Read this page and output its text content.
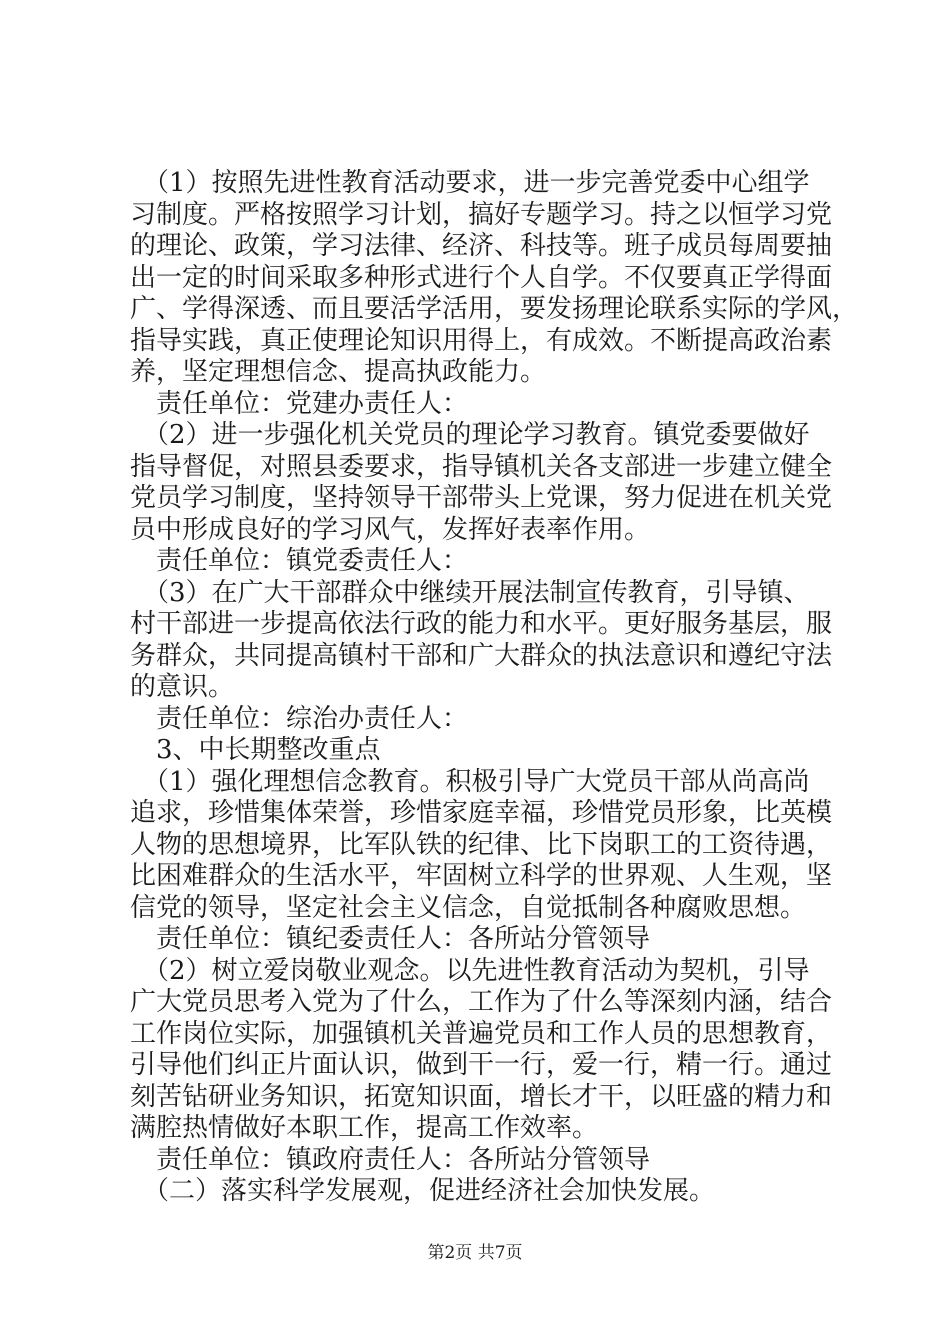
　（1）按照先进性教育活动要求，进一步完善党委中心组学
习制度。严格按照学习计划，搞好专题学习。持之以恒学习党
的理论、政策，学习法律、经济、科技等。班子成员每周要抽
出一定的时间采取多种形式进行个人自学。不仅要真正学得面
广、学得深透、而且要活学活用，要发扬理论联系实际的学风，
指导实践，真正使理论知识用得上，有成效。不断提高政治素
养，坚定理想信念、提高执政能力。
　责任单位：党建办责任人：
　（2）进一步强化机关党员的理论学习教育。镇党委要做好
指导督促，对照县委要求，指导镇机关各支部进一步建立健全
党员学习制度，坚持领导干部带头上党课，努力促进在机关党
员中形成良好的学习风气，发挥好表率作用。
　责任单位：镇党委责任人：
　（3）在广大干部群众中继续开展法制宣传教育，引导镇、
村干部进一步提高依法行政的能力和水平。更好服务基层，服
务群众，共同提高镇村干部和广大群众的执法意识和遵纪守法
的意识。
　责任单位：综治办责任人：
　3、中长期整改重点
　（1）强化理想信念教育。积极引导广大党员干部从尚高尚
追求，珍惜集体荣誉，珍惜家庭幸福，珍惜党员形象，比英模
人物的思想境界，比军队铁的纪律、比下岗职工的工资待遇，
比困难群众的生活水平，牢固树立科学的世界观、人生观，坚
信党的领导，坚定社会主义信念，自觉抵制各种腐败思想。
　责任单位：镇纪委责任人：各所站分管领导
　（2）树立爱岗敬业观念。以先进性教育活动为契机，引导
广大党员思考入党为了什么，工作为了什么等深刻内涵，结合
工作岗位实际，加强镇机关普遍党员和工作人员的思想教育，
引导他们纠正片面认识，做到干一行，爱一行，精一行。通过
刻苦钻研业务知识，拓宽知识面，增长才干，以旺盛的精力和
满腔热情做好本职工作，提高工作效率。
　责任单位：镇政府责任人：各所站分管领导
　（二）落实科学发展观，促进经济社会加快发展。
第2页 共7页
